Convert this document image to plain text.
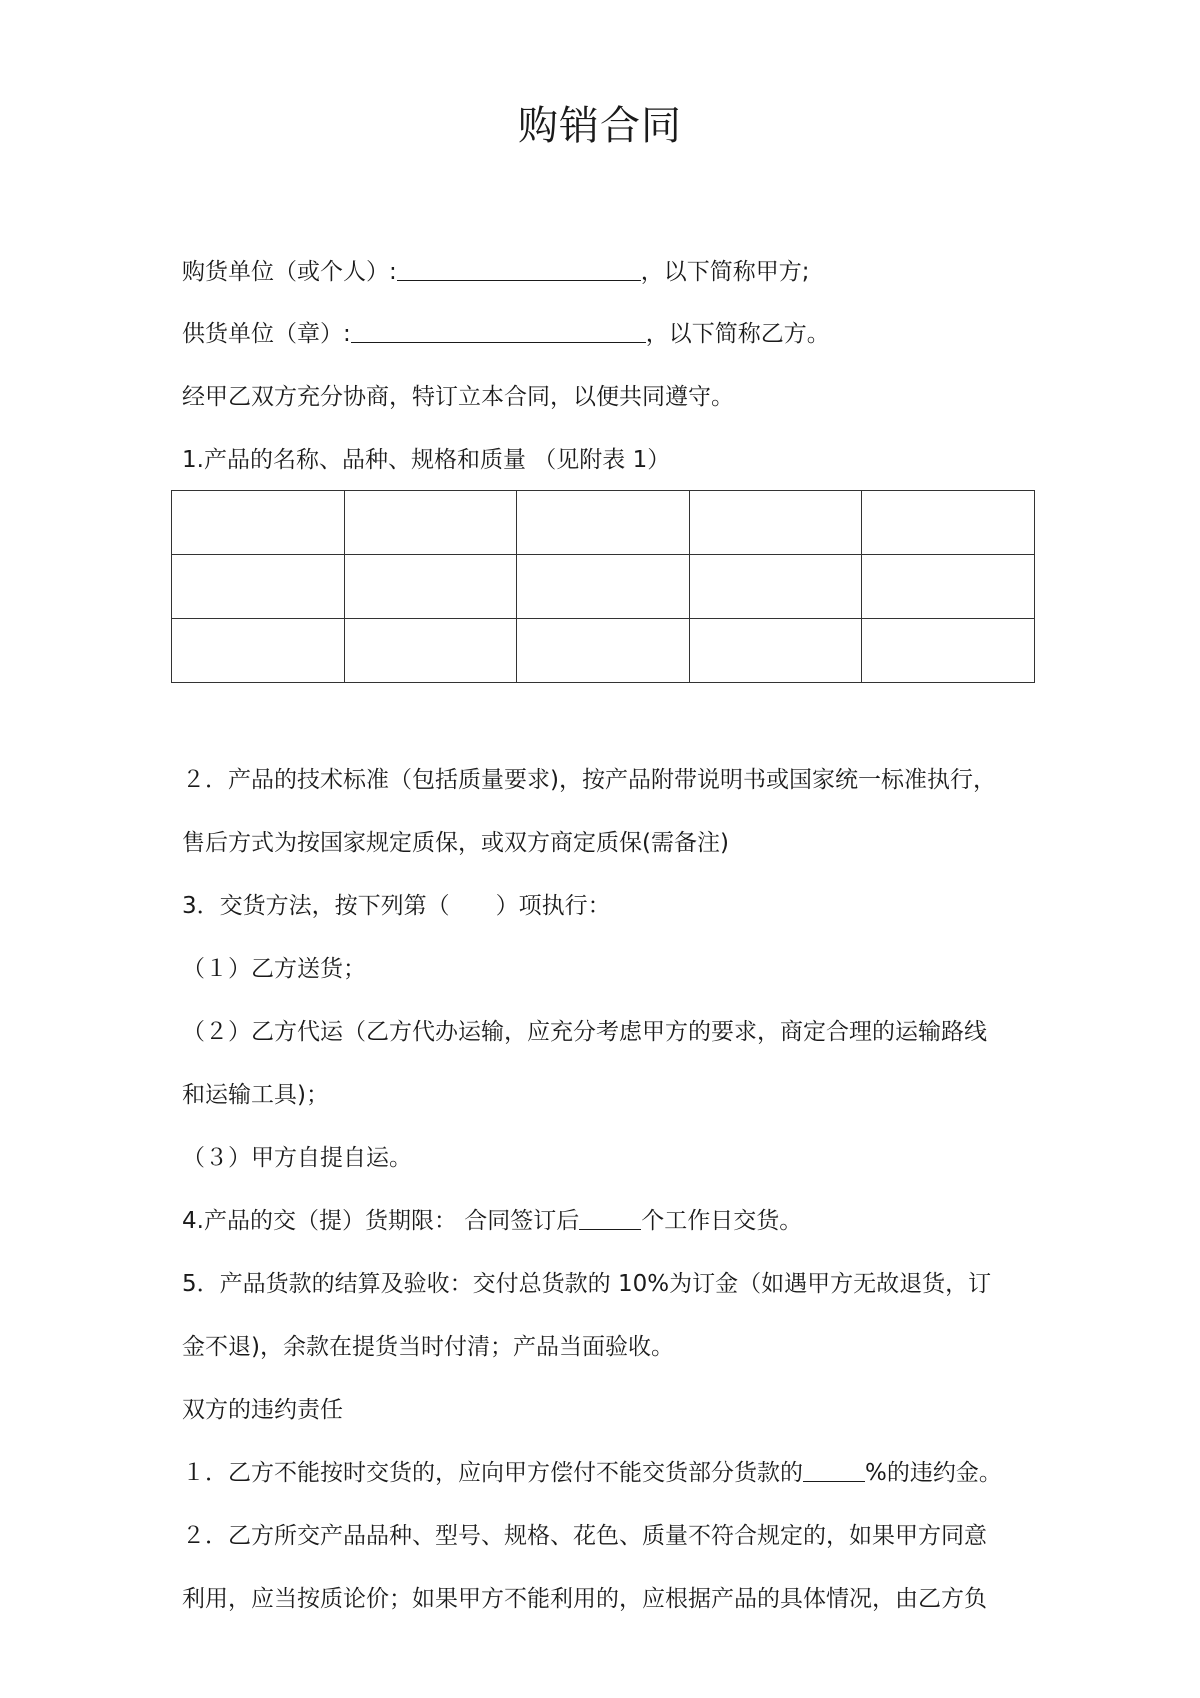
购销合同
购货单位（或个人）:	，以下简称甲方;
供货单位（章）:	，以下简称乙方。
经甲乙双方充分协商，特订立本合同，以便共同遵守。
1.产品的名称、品种、规格和质量 （见附表 1）

２．产品的技术标准（包括质量要求)，按产品附带说明书或国家统一标准执行，
售后方式为按国家规定质保，或双方商定质保(需备注)
3．交货方法，按下列第（　　）项执行：
（１）乙方送货；
（２）乙方代运（乙方代办运输，应充分考虑甲方的要求，商定合理的运输路线
和运输工具)；
（３）甲方自提自运。
4.产品的交（提）货期限： 合同签订后	个工作日交货。
5．产品货款的结算及验收：交付总货款的 10%为订金（如遇甲方无故退货，订
金不退)，余款在提货当时付清；产品当面验收。
双方的违约责任
１．乙方不能按时交货的，应向甲方偿付不能交货部分货款的	%的违约金。
２．乙方所交产品品种、型号、规格、花色、质量不符合规定的，如果甲方同意
利用，应当按质论价；如果甲方不能利用的，应根据产品的具体情况，由乙方负
